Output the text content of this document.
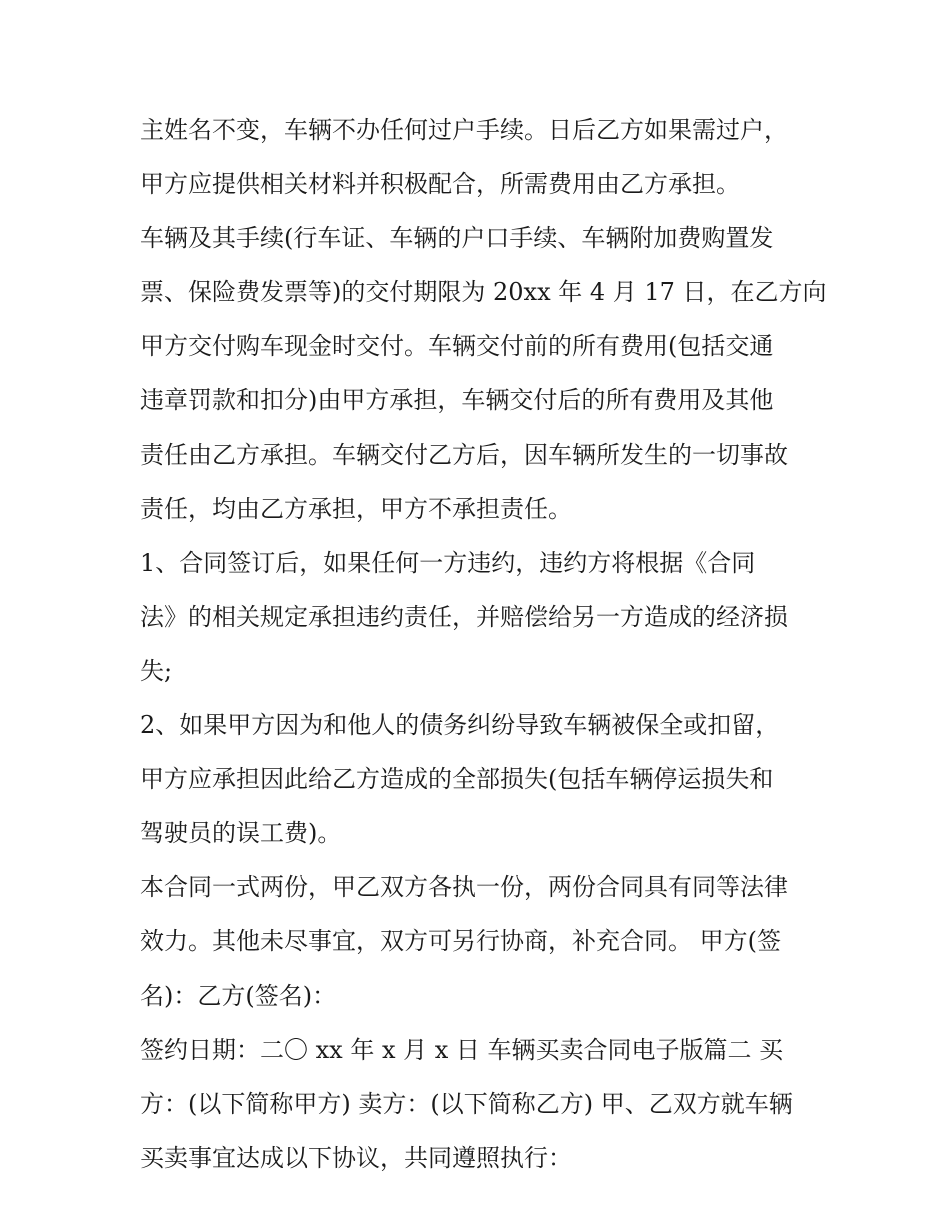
主姓名不变，车辆不办任何过户手续。日后乙方如果需过户，
甲方应提供相关材料并积极配合，所需费用由乙方承担。
车辆及其手续(行车证、车辆的户口手续、车辆附加费购置发
票、保险费发票等)的交付期限为 20xx 年 4 月 17 日，在乙方向
甲方交付购车现金时交付。车辆交付前的所有费用(包括交通
违章罚款和扣分)由甲方承担，车辆交付后的所有费用及其他
责任由乙方承担。车辆交付乙方后，因车辆所发生的一切事故
责任，均由乙方承担，甲方不承担责任。
1、合同签订后，如果任何一方违约，违约方将根据《合同
法》的相关规定承担违约责任，并赔偿给另一方造成的经济损
失;
2、如果甲方因为和他人的债务纠纷导致车辆被保全或扣留，
甲方应承担因此给乙方造成的全部损失(包括车辆停运损失和
驾驶员的误工费)。
本合同一式两份，甲乙双方各执一份，两份合同具有同等法律
效力。其他未尽事宜，双方可另行协商，补充合同。 甲方(签
名)：乙方(签名)：
签约日期：二〇 xx 年 x 月 x 日 车辆买卖合同电子版篇二 买
方：(以下简称甲方) 卖方：(以下简称乙方) 甲、乙双方就车辆
买卖事宜达成以下协议，共同遵照执行：
